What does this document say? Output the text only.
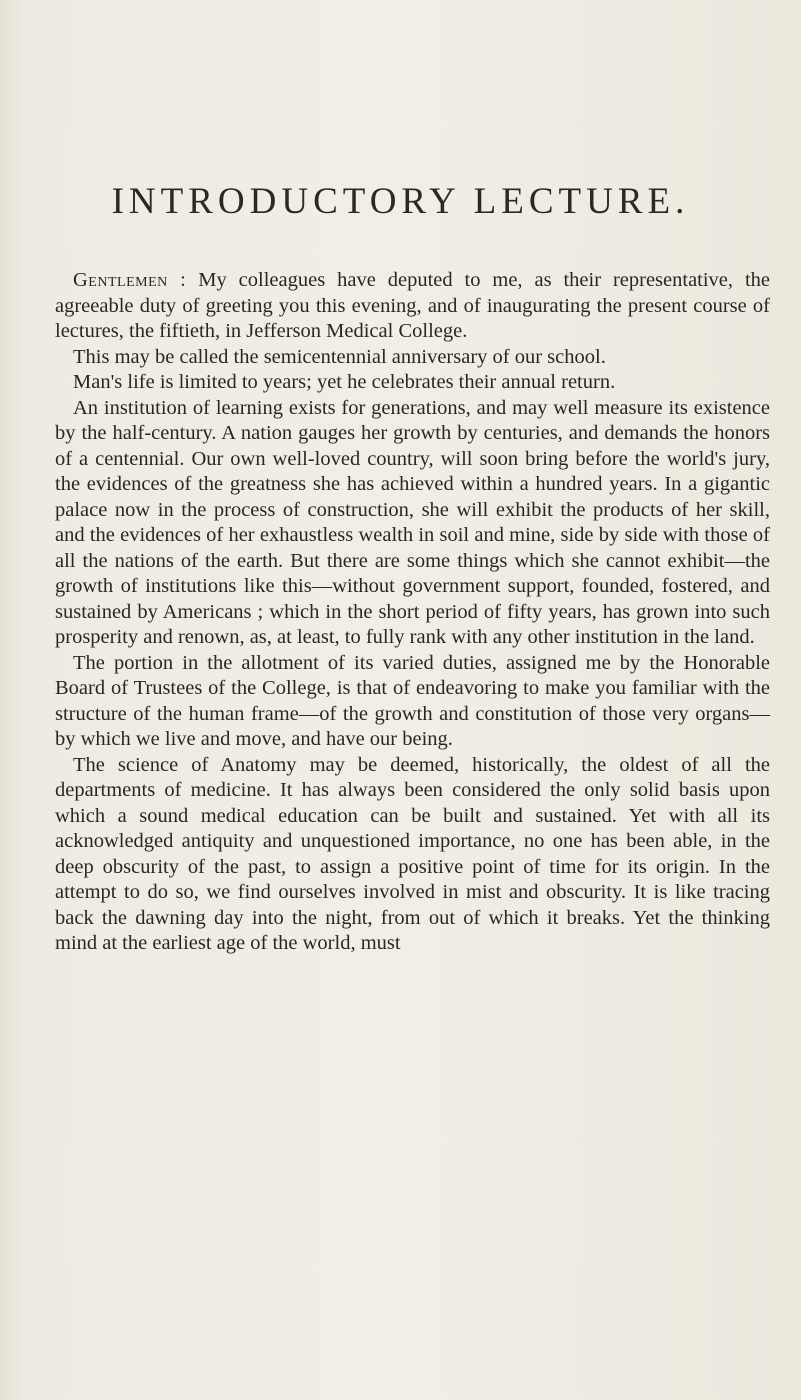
INTRODUCTORY LECTURE.

Gentlemen : My colleagues have deputed to me, as their representative, the agreeable duty of greeting you this evening, and of inaugurating the present course of lectures, the fiftieth, in Jefferson Medical College.

This may be called the semicentennial anniversary of our school.

Man's life is limited to years; yet he celebrates their annual return.

An institution of learning exists for generations, and may well measure its existence by the half-century. A nation gauges her growth by centuries, and demands the honors of a centennial. Our own well-loved country, will soon bring before the world's jury, the evidences of the greatness she has achieved within a hundred years. In a gigantic palace now in the process of construction, she will exhibit the products of her skill, and the evidences of her exhaustless wealth in soil and mine, side by side with those of all the nations of the earth. But there are some things which she cannot exhibit—the growth of institutions like this—without government support, founded, fostered, and sustained by Americans ; which in the short period of fifty years, has grown into such prosperity and renown, as, at least, to fully rank with any other institution in the land.

The portion in the allotment of its varied duties, assigned me by the Honorable Board of Trustees of the College, is that of endeavoring to make you familiar with the structure of the human frame—of the growth and constitution of those very organs—by which we live and move, and have our being.

The science of Anatomy may be deemed, historically, the oldest of all the departments of medicine. It has always been considered the only solid basis upon which a sound medical education can be built and sustained. Yet with all its acknowledged antiquity and unquestioned importance, no one has been able, in the deep obscurity of the past, to assign a positive point of time for its origin. In the attempt to do so, we find ourselves involved in mist and obscurity. It is like tracing back the dawning day into the night, from out of which it breaks. Yet the thinking mind at the earliest age of the world, must
